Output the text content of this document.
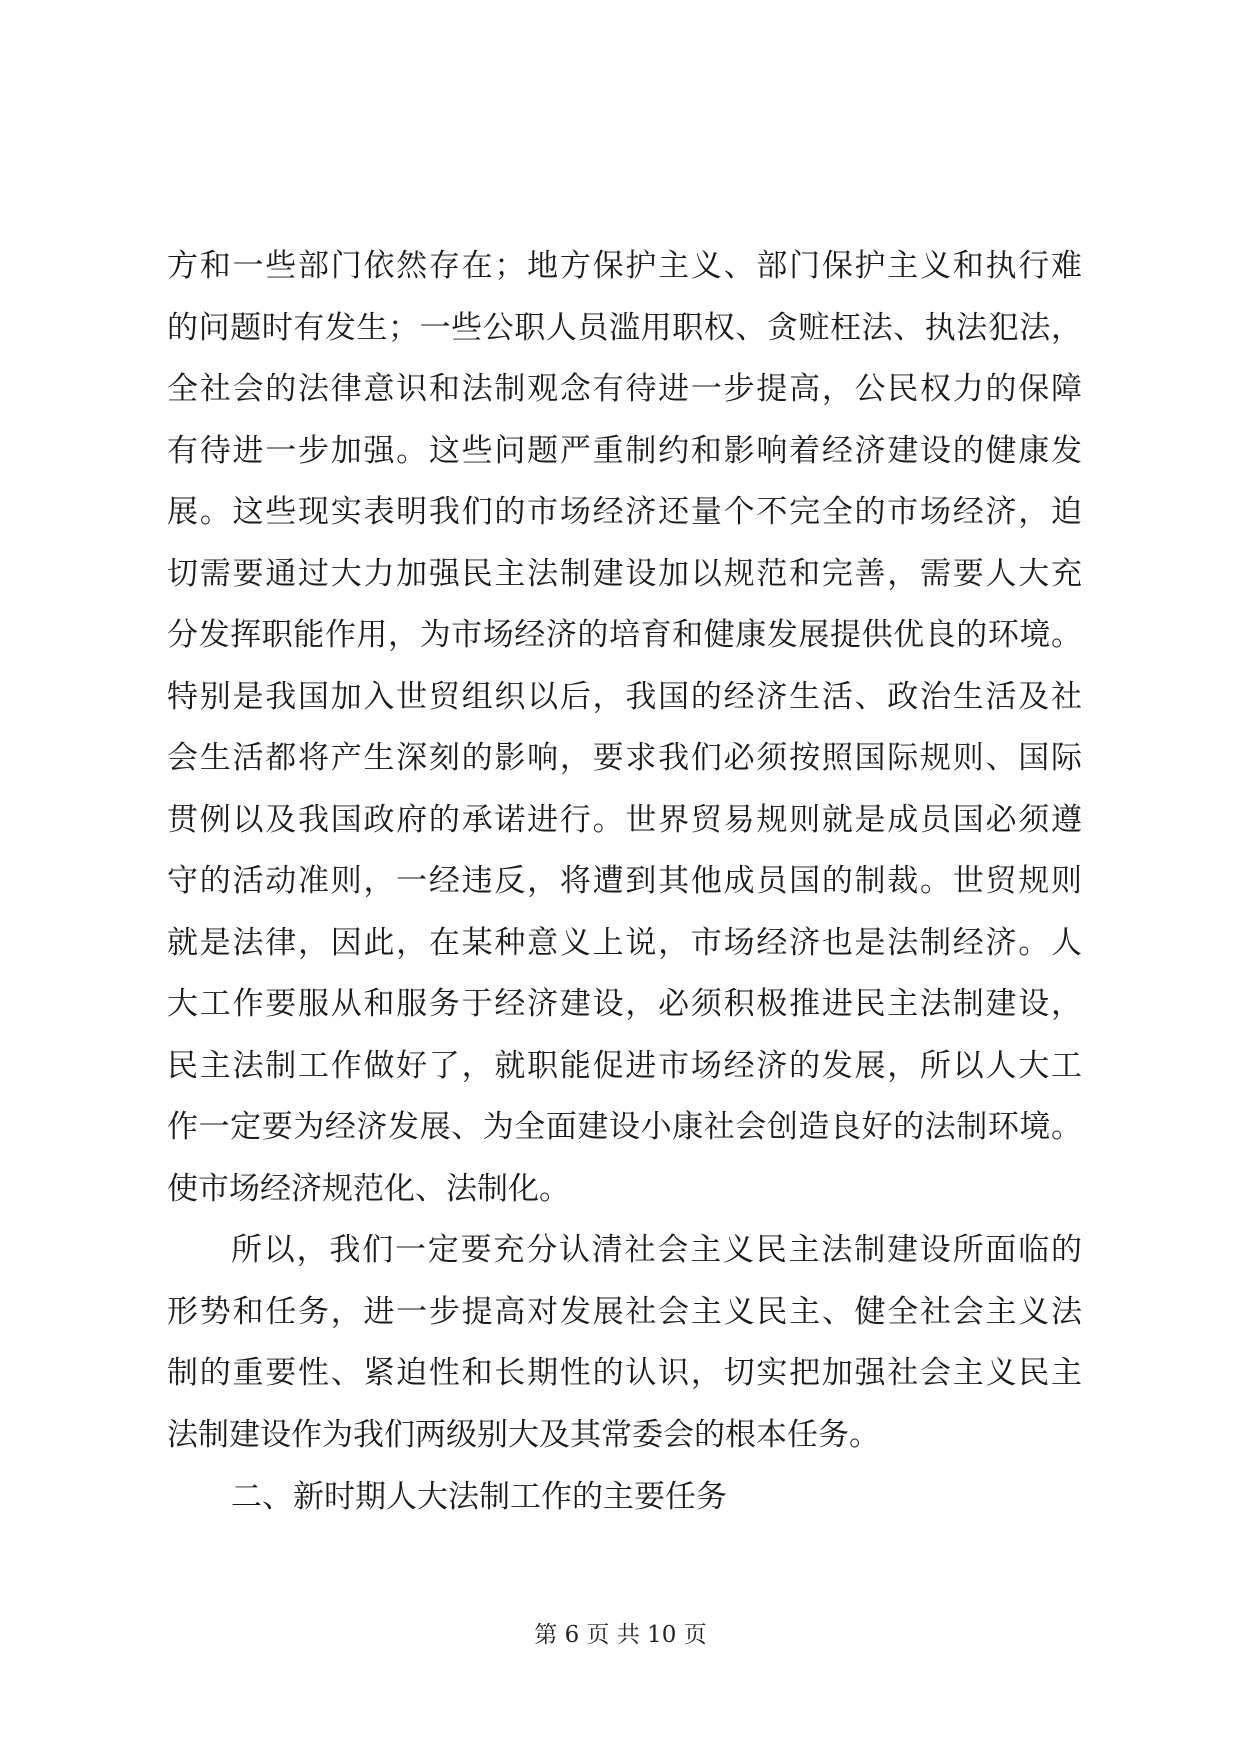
方和一些部门依然存在；地方保护主义、部门保护主义和执行难
的问题时有发生；一些公职人员滥用职权、贪赃枉法、执法犯法，
全社会的法律意识和法制观念有待进一步提高，公民权力的保障
有待进一步加强。这些问题严重制约和影响着经济建设的健康发
展。这些现实表明我们的市场经济还量个不完全的市场经济，迫
切需要通过大力加强民主法制建设加以规范和完善，需要人大充
分发挥职能作用，为市场经济的培育和健康发展提供优良的环境。
特别是我国加入世贸组织以后，我国的经济生活、政治生活及社
会生活都将产生深刻的影响，要求我们必须按照国际规则、国际
贯例以及我国政府的承诺进行。世界贸易规则就是成员国必须遵
守的活动准则，一经违反，将遭到其他成员国的制裁。世贸规则
就是法律，因此，在某种意义上说，市场经济也是法制经济。人
大工作要服从和服务于经济建设，必须积极推进民主法制建设，
民主法制工作做好了，就职能促进市场经济的发展，所以人大工
作一定要为经济发展、为全面建设小康社会创造良好的法制环境。
使市场经济规范化、法制化。
所以，我们一定要充分认清社会主义民主法制建设所面临的
形势和任务，进一步提高对发展社会主义民主、健全社会主义法
制的重要性、紧迫性和长期性的认识，切实把加强社会主义民主
法制建设作为我们两级别大及其常委会的根本任务。
二、新时期人大法制工作的主要任务
第 6 页 共 10 页
